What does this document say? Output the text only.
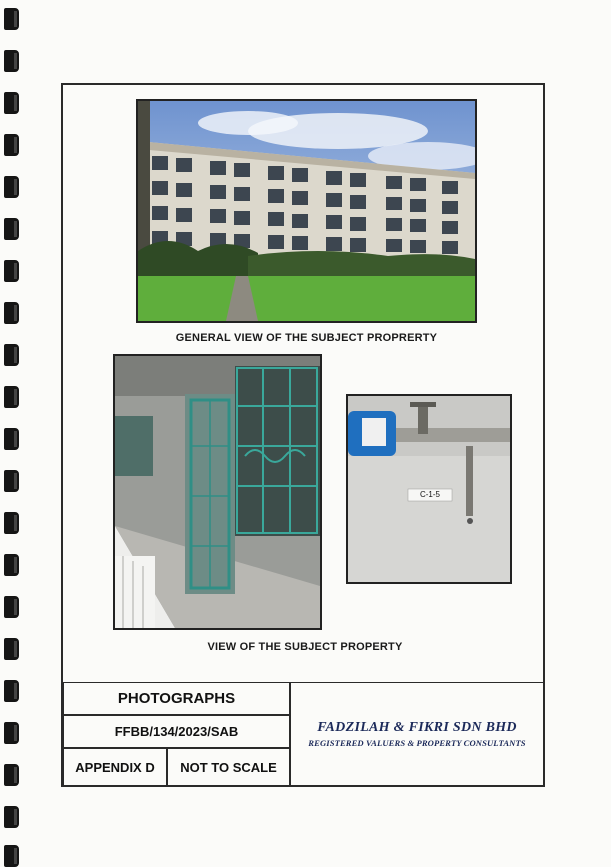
GENERAL VIEW OF THE SUBJECT PROPRERTY
C-1-5
VIEW OF THE SUBJECT PROPERTY
PHOTOGRAPHS
FFBB/134/2023/SAB
APPENDIX D NOT TO SCALE
FADZILAH & FIKRI SDN BHD
REGISTERED VALUERS & PROPERTY CONSULTANTS
